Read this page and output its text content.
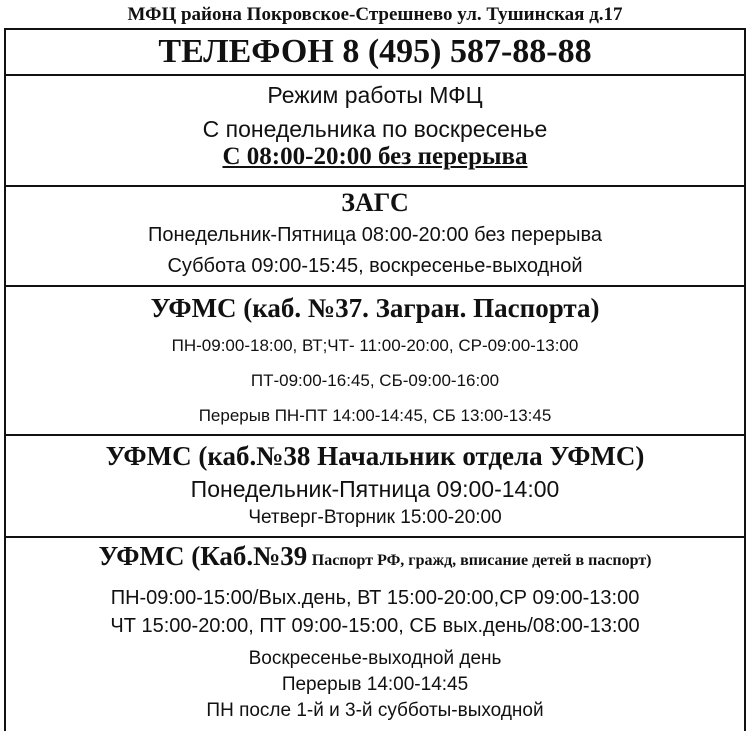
МФЦ района Покровское-Стрешнево ул. Тушинская д.17
ТЕЛЕФОН 8 (495) 587-88-88
Режим работы МФЦ
С понедельника по воскресенье
С 08:00-20:00 без перерыва
ЗАГС
Понедельник-Пятница 08:00-20:00 без перерыва
Суббота 09:00-15:45, воскресенье-выходной
УФМС (каб. №37. Загран. Паспорта)
ПН-09:00-18:00, ВТ;ЧТ- 11:00-20:00, СР-09:00-13:00
ПТ-09:00-16:45, СБ-09:00-16:00
Перерыв ПН-ПТ 14:00-14:45, СБ 13:00-13:45
УФМС (каб.№38 Начальник отдела УФМС)
Понедельник-Пятница 09:00-14:00
Четверг-Вторник 15:00-20:00
УФМС (Каб.№39 Паспорт РФ, гражд, вписание детей в паспорт)
ПН-09:00-15:00/Вых.день, ВТ 15:00-20:00,СР 09:00-13:00
ЧТ 15:00-20:00, ПТ 09:00-15:00, СБ вых.день/08:00-13:00
Воскресенье-выходной день
Перерыв 14:00-14:45
ПН после 1-й и 3-й субботы-выходной
